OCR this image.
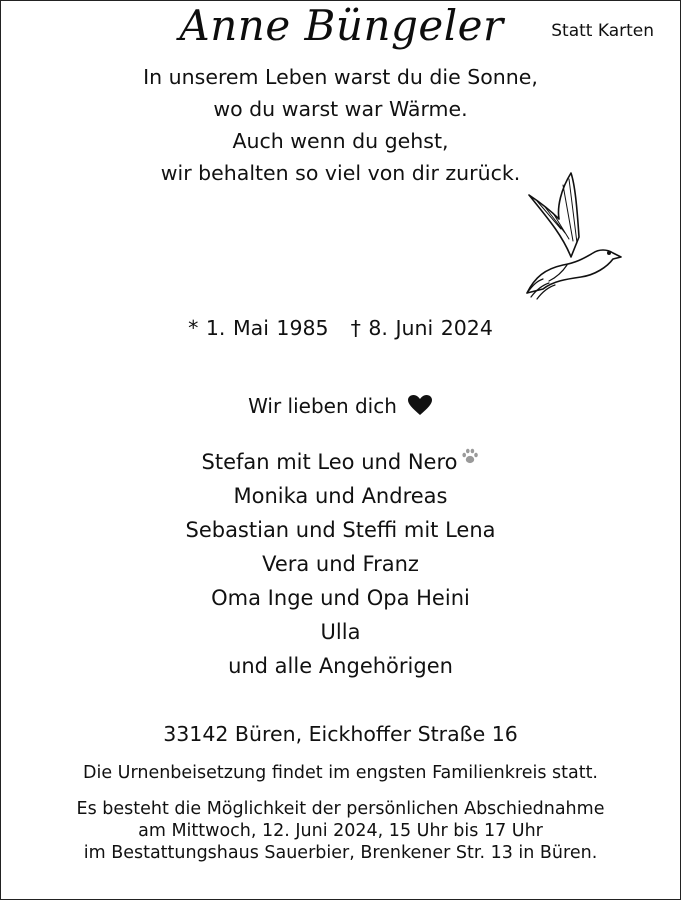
Statt Karten
In unserem Leben warst du die Sonne,
wo du warst war Wärme.
Auch wenn du gehst,
wir behalten so viel von dir zurück.
Anne Büngeler
* 1. Mai 1985 † 8. Juni 2024
Wir lieben dich
Stefan mit Leo und Nero
Monika und Andreas
Sebastian und Steffi mit Lena
Vera und Franz
Oma Inge und Opa Heini
Ulla
und alle Angehörigen
33142 Büren, Eickhoffer Straße 16
Die Urnenbeisetzung findet im engsten Familienkreis statt.
Es besteht die Möglichkeit der persönlichen Abschiednahme
am Mittwoch, 12. Juni 2024, 15 Uhr bis 17 Uhr
im Bestattungshaus Sauerbier, Brenkener Str. 13 in Büren.
